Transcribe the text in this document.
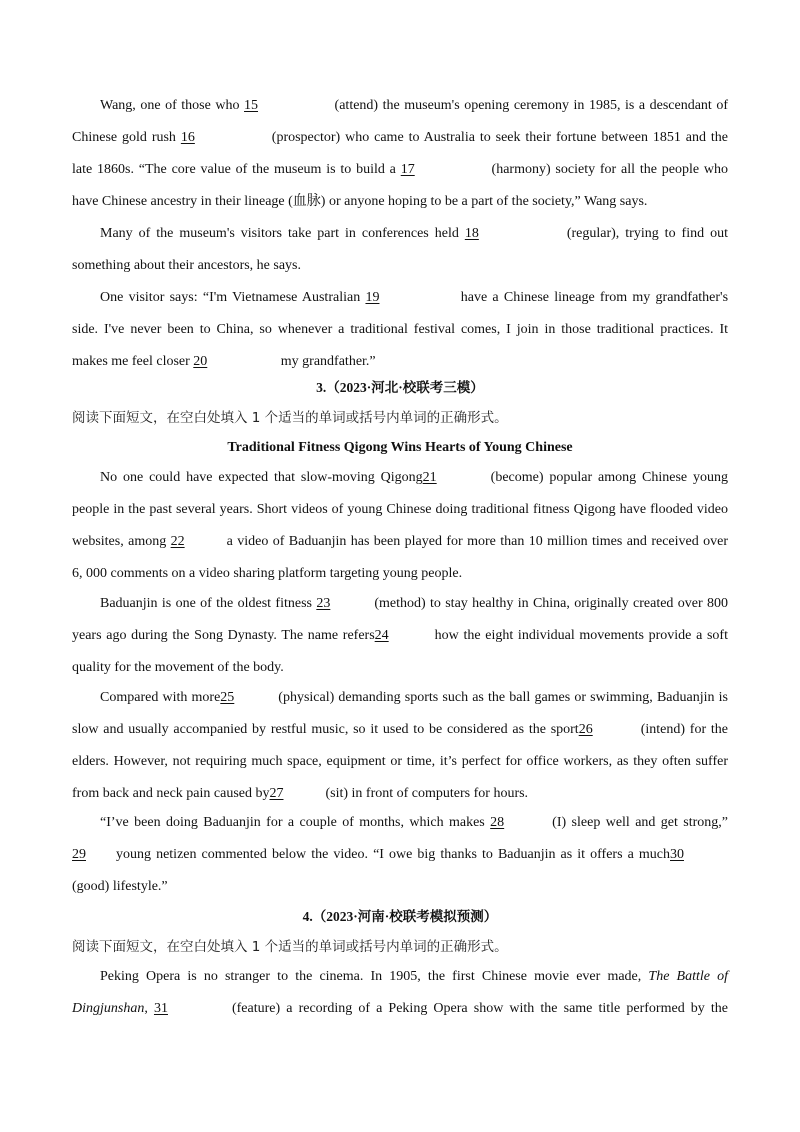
Wang, one of those who 15	(attend) the museum's opening ceremony in 1985, is a descendant of
Chinese gold rush 16	(prospector) who came to Australia to seek their fortune between 1851 and the
late 1860s. “The core value of the museum is to build a 17	(harmony) society for all the people who
have Chinese ancestry in their lineage (血脉) or anyone hoping to be a part of the society,” Wang says.
Many of the museum's visitors take part in conferences held 18	(regular), trying to find out
something about their ancestors, he says.
One visitor says: “I'm Vietnamese Australian 19	have a Chinese lineage from my grandfather's
side. I've never been to China, so whenever a traditional festival comes, I join in those traditional practices. It
makes me feel closer 20	my grandfather.”
3.（2023·河北·校联考三模）
阅读下面短文，在空白处填入 1 个适当的单词或括号内单词的正确形式。
Traditional Fitness Qigong Wins Hearts of Young Chinese
No one could have expected that slow-moving Qigong21	(become) popular among Chinese young
people in the past several years. Short videos of young Chinese doing traditional fitness Qigong have flooded video
websites, among 22	a video of Baduanjin has been played for more than 10 million times and received over
6, 000 comments on a video sharing platform targeting young people.
Baduanjin is one of the oldest fitness 23	(method) to stay healthy in China, originally created over 800
years ago during the Song Dynasty. The name refers24	how the eight individual movements provide a soft
quality for the movement of the body.
Compared with more25	(physical) demanding sports such as the ball games or swimming, Baduanjin is
slow and usually accompanied by restful music, so it used to be considered as the sport26	(intend) for the
elders. However, not requiring much space, equipment or time, it’s perfect for office workers, as they often suffer
from back and neck pain caused by27	(sit) in front of computers for hours.
“I’ve been doing Baduanjin for a couple of months, which makes 28	(I) sleep well and get strong,”
29 young netizen commented below the video. “I owe big thanks to Baduanjin as it offers a much30
(good) lifestyle.”
4.（2023·河南·校联考模拟预测）
阅读下面短文，在空白处填入 1 个适当的单词或括号内单词的正确形式。
Peking Opera is no stranger to the cinema. In 1905, the first Chinese movie ever made, The Battle of
Dingjunshan, 31	(feature) a recording of a Peking Opera show with the same title performed by the
